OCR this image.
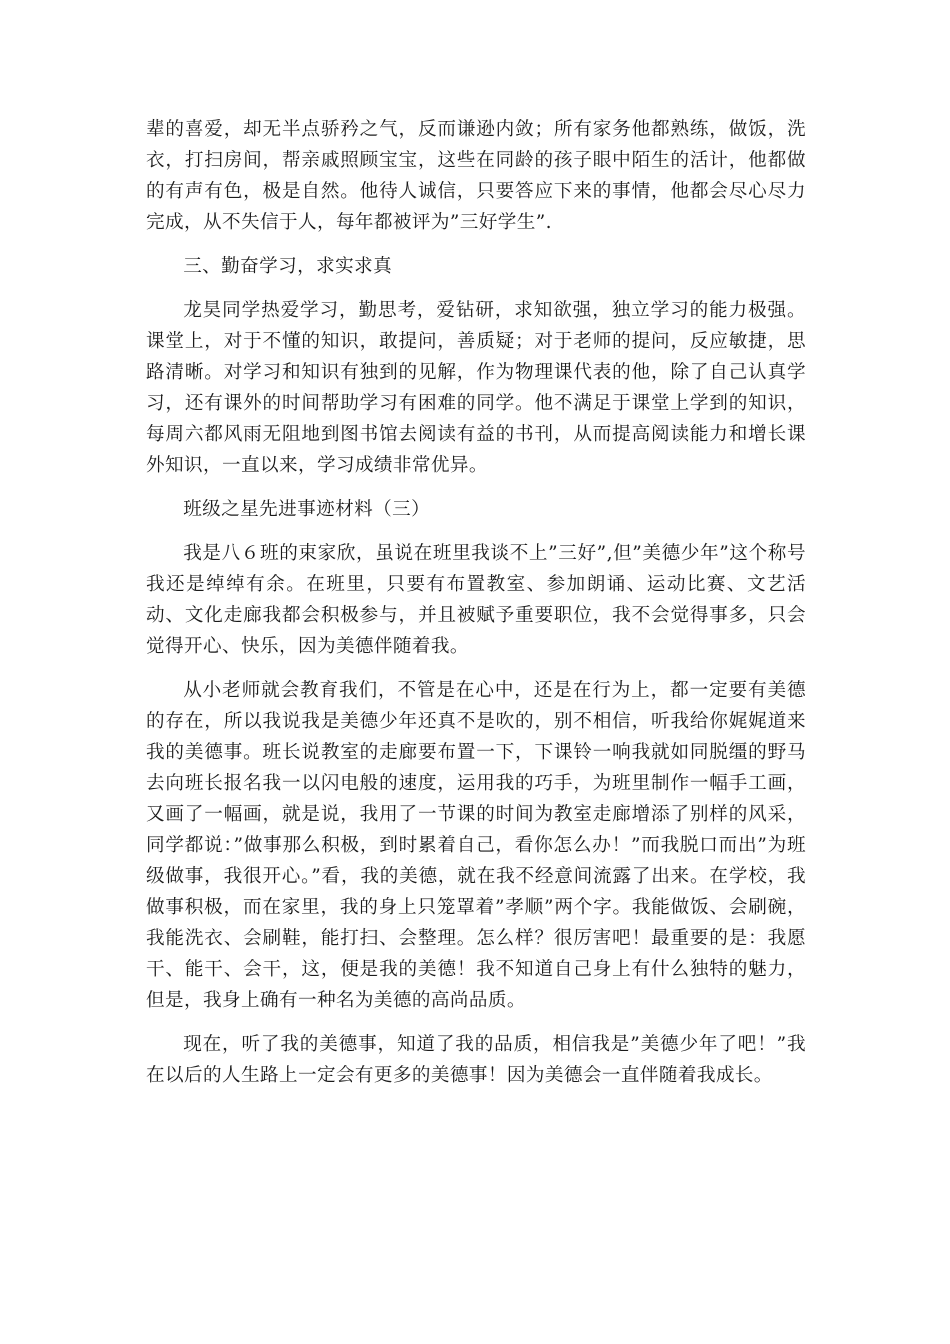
辈的喜爱，却无半点骄矜之气，反而谦逊内敛；所有家务他都熟练，做饭，洗衣，打扫房间，帮亲戚照顾宝宝，这些在同龄的孩子眼中陌生的活计，他都做的有声有色，极是自然。他待人诚信，只要答应下来的事情，他都会尽心尽力完成，从不失信于人，每年都被评为”三好学生”.

三、勤奋学习，求实求真

龙昊同学热爱学习，勤思考，爱钻研，求知欲强，独立学习的能力极强。课堂上，对于不懂的知识，敢提问，善质疑；对于老师的提问，反应敏捷，思路清晰。对学习和知识有独到的见解，作为物理课代表的他，除了自己认真学习，还有课外的时间帮助学习有困难的同学。他不满足于课堂上学到的知识，每周六都风雨无阻地到图书馆去阅读有益的书刊，从而提高阅读能力和增长课外知识，一直以来，学习成绩非常优异。

班级之星先进事迹材料（三）

我是八６班的束家欣，虽说在班里我谈不上”三好”,但”美德少年”这个称号我还是绰绰有余。在班里，只要有布置教室、参加朗诵、运动比赛、文艺活动、文化走廊我都会积极参与，并且被赋予重要职位，我不会觉得事多，只会觉得开心、快乐，因为美德伴随着我。

从小老师就会教育我们，不管是在心中，还是在行为上，都一定要有美德的存在，所以我说我是美德少年还真不是吹的，别不相信，听我给你娓娓道来我的美德事。班长说教室的走廊要布置一下，下课铃一响我就如同脱缰的野马去向班长报名我一以闪电般的速度，运用我的巧手，为班里制作一幅手工画，又画了一幅画，就是说，我用了一节课的时间为教室走廊增添了别样的风采，同学都说：”做事那么积极，到时累着自己，看你怎么办！”而我脱口而出”为班级做事，我很开心。”看，我的美德，就在我不经意间流露了出来。在学校，我做事积极，而在家里，我的身上只笼罩着”孝顺”两个字。我能做饭、会刷碗，我能洗衣、会刷鞋，能打扫、会整理。怎么样？很厉害吧！最重要的是：我愿干、能干、会干，这，便是我的美德！我不知道自己身上有什么独特的魅力，但是，我身上确有一种名为美德的高尚品质。

现在，听了我的美德事，知道了我的品质，相信我是”美德少年了吧！”我在以后的人生路上一定会有更多的美德事！因为美德会一直伴随着我成长。
